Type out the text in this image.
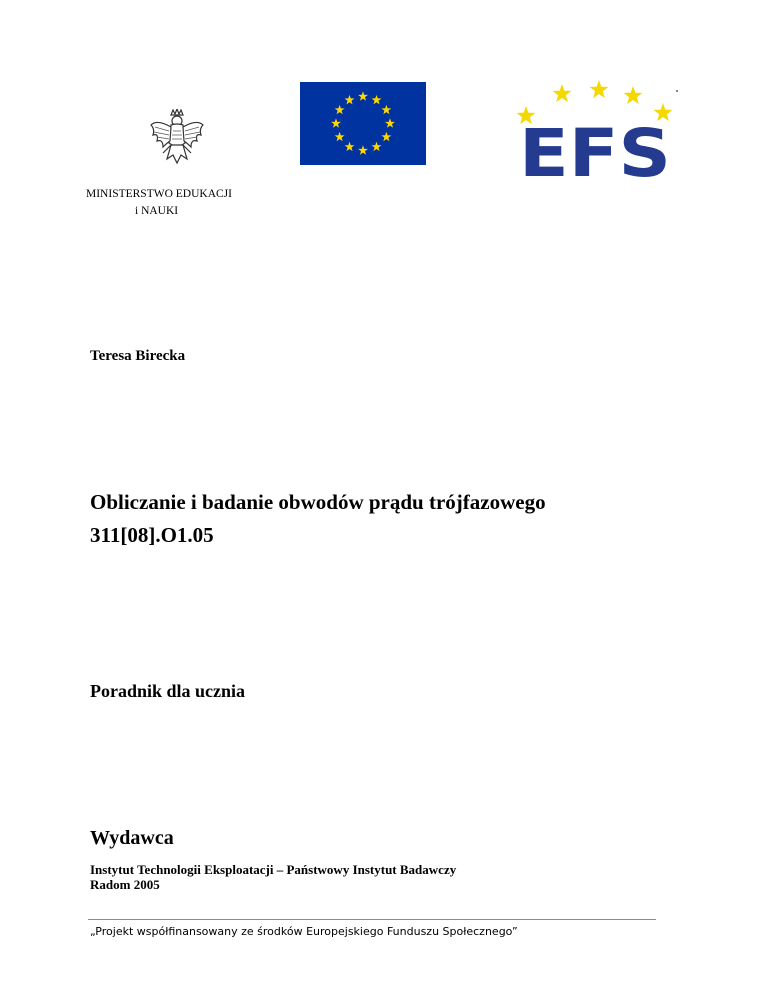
EFS
MINISTERSTWO EDUKACJI
i NAUKI
Teresa Birecka
Obliczanie i badanie obwodów prądu trójfazowego
311[08].O1.05
Poradnik dla ucznia
Wydawca
Instytut Technologii Eksploatacji – Państwowy Instytut Badawczy
Radom 2005
„Projekt współfinansowany ze środków Europejskiego Funduszu Społecznego”
